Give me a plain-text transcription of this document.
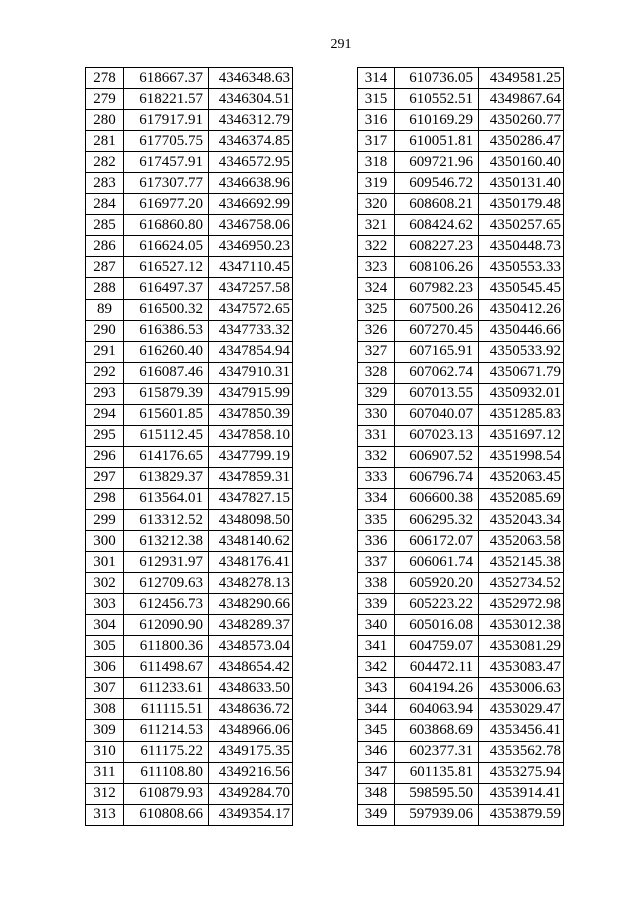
291
278	618667.37	4346348.63
279	618221.57	4346304.51
280	617917.91	4346312.79
281	617705.75	4346374.85
282	617457.91	4346572.95
283	617307.77	4346638.96
284	616977.20	4346692.99
285	616860.80	4346758.06
286	616624.05	4346950.23
287	616527.12	4347110.45
288	616497.37	4347257.58
89	616500.32	4347572.65
290	616386.53	4347733.32
291	616260.40	4347854.94
292	616087.46	4347910.31
293	615879.39	4347915.99
294	615601.85	4347850.39
295	615112.45	4347858.10
296	614176.65	4347799.19
297	613829.37	4347859.31
298	613564.01	4347827.15
299	613312.52	4348098.50
300	613212.38	4348140.62
301	612931.97	4348176.41
302	612709.63	4348278.13
303	612456.73	4348290.66
304	612090.90	4348289.37
305	611800.36	4348573.04
306	611498.67	4348654.42
307	611233.61	4348633.50
308	611115.51	4348636.72
309	611214.53	4348966.06
310	611175.22	4349175.35
311	611108.80	4349216.56
312	610879.93	4349284.70
313	610808.66	4349354.17
314	610736.05	4349581.25
315	610552.51	4349867.64
316	610169.29	4350260.77
317	610051.81	4350286.47
318	609721.96	4350160.40
319	609546.72	4350131.40
320	608608.21	4350179.48
321	608424.62	4350257.65
322	608227.23	4350448.73
323	608106.26	4350553.33
324	607982.23	4350545.45
325	607500.26	4350412.26
326	607270.45	4350446.66
327	607165.91	4350533.92
328	607062.74	4350671.79
329	607013.55	4350932.01
330	607040.07	4351285.83
331	607023.13	4351697.12
332	606907.52	4351998.54
333	606796.74	4352063.45
334	606600.38	4352085.69
335	606295.32	4352043.34
336	606172.07	4352063.58
337	606061.74	4352145.38
338	605920.20	4352734.52
339	605223.22	4352972.98
340	605016.08	4353012.38
341	604759.07	4353081.29
342	604472.11	4353083.47
343	604194.26	4353006.63
344	604063.94	4353029.47
345	603868.69	4353456.41
346	602377.31	4353562.78
347	601135.81	4353275.94
348	598595.50	4353914.41
349	597939.06	4353879.59
